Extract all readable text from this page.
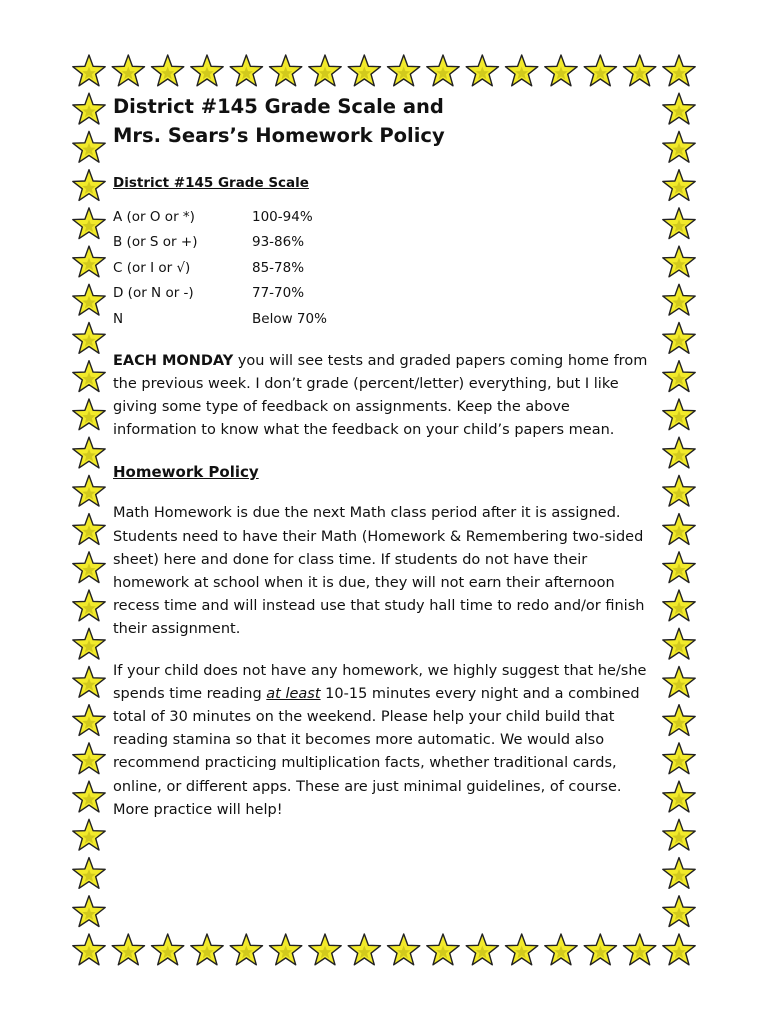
District #145 Grade Scale and
Mrs. Sears’s Homework Policy
District #145 Grade Scale
A (or O or *)	100-94%
B (or S or +)	93-86%
C (or I or √)	85-78%
D (or N or -)	77-70%
N	Below 70%
EACH MONDAY you will see tests and graded papers coming home from the previous week. I don’t grade (percent/letter) everything, but I like giving some type of feedback on assignments. Keep the above information to know what the feedback on your child’s papers mean.
Homework Policy
Math Homework is due the next Math class period after it is assigned. Students need to have their Math (Homework & Remembering two-sided sheet) here and done for class time. If students do not have their homework at school when it is due, they will not earn their afternoon recess time and will instead use that study hall time to redo and/or finish their assignment.
If your child does not have any homework, we highly suggest that he/she spends time reading at least 10-15 minutes every night and a combined total of 30 minutes on the weekend. Please help your child build that reading stamina so that it becomes more automatic. We would also recommend practicing multiplication facts, whether traditional cards, online, or different apps. These are just minimal guidelines, of course. More practice will help!
